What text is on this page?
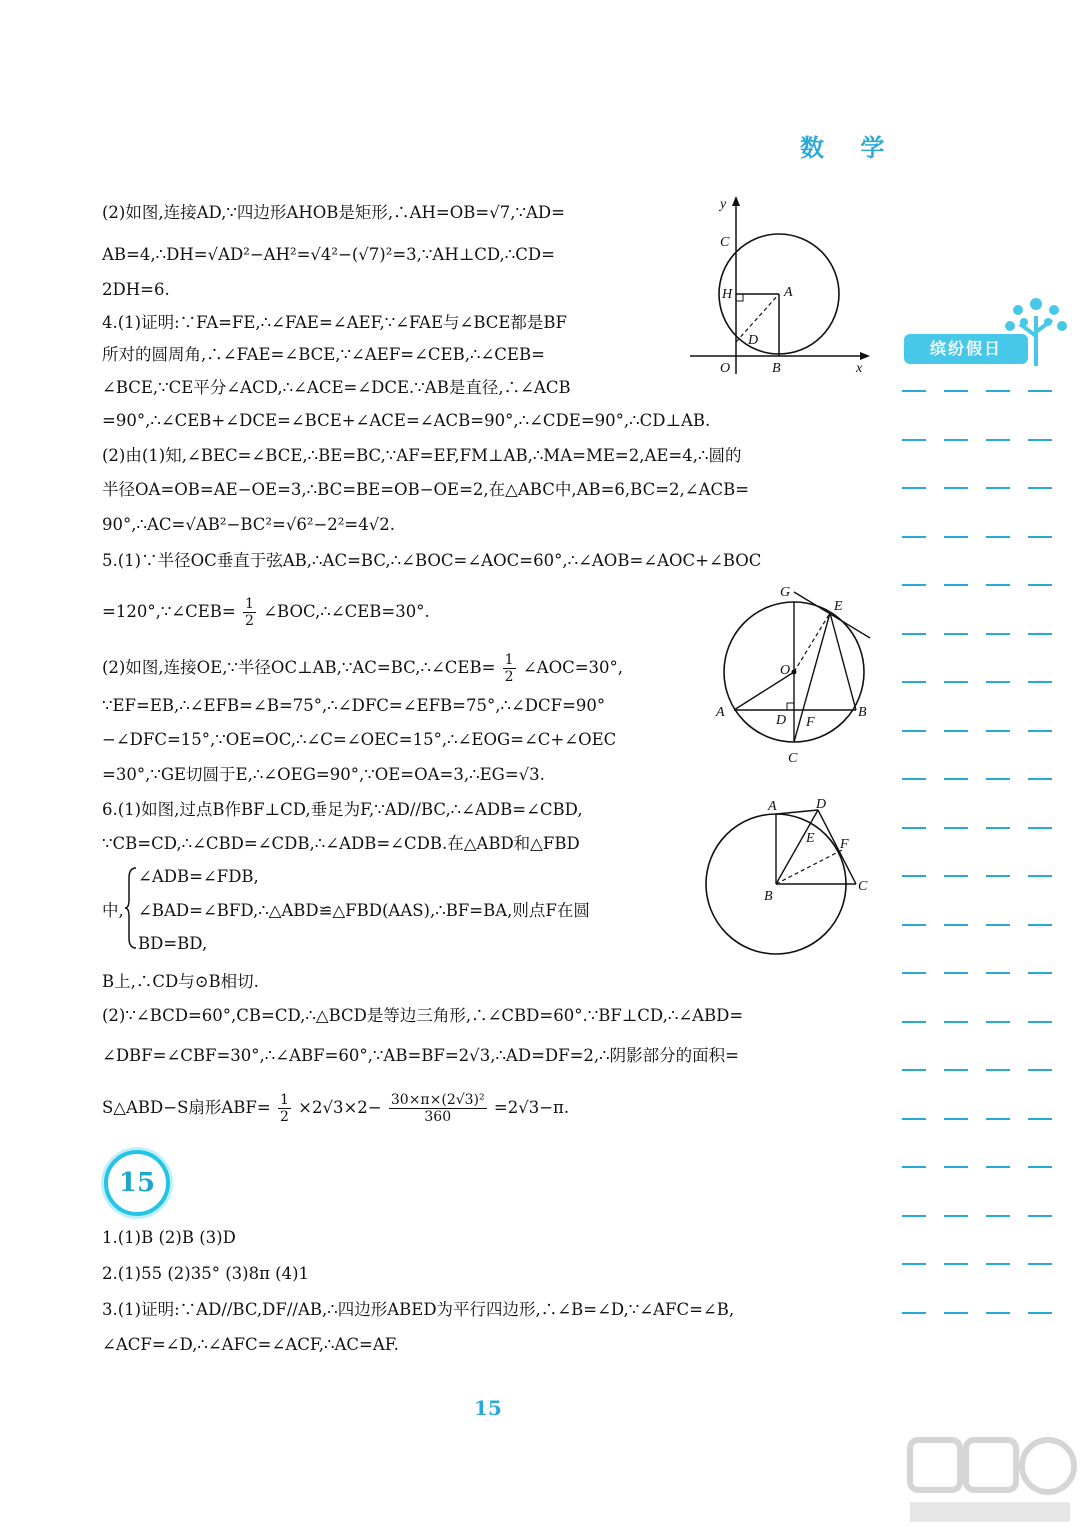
数 学
(2)如图,连接AD,∵四边形AHOB是矩形,∴AH=OB=√7,∵AD=
AB=4,∴DH=√AD²−AH²=√4²−(√7)²=3,∵AH⊥CD,∴CD=
2DH=6.
4.(1)证明:∵FA=FE,∴∠FAE=∠AEF,∵∠FAE与∠BCE都是BF
所对的圆周角,∴∠FAE=∠BCE,∵∠AEF=∠CEB,∴∠CEB=
∠BCE,∵CE平分∠ACD,∴∠ACE=∠DCE.∵AB是直径,∴∠ACB
=90°,∴∠CEB+∠DCE=∠BCE+∠ACE=∠ACB=90°,∴∠CDE=90°,∴CD⊥AB.
(2)由(1)知,∠BEC=∠BCE,∴BE=BC,∵AF=EF,FM⊥AB,∴MA=ME=2,AE=4,∴圆的
半径OA=OB=AE−OE=3,∴BC=BE=OB−OE=2,在△ABC中,AB=6,BC=2,∠ACB=
90°,∴AC=√AB²−BC²=√6²−2²=4√2.
5.(1)∵半径OC垂直于弦AB,∴AC=BC,∴∠BOC=∠AOC=60°,∴∠AOB=∠AOC+∠BOC
=120°,∵∠CEB= $\frac{1}{2}$ ∠BOC,∴∠CEB=30°.
(2)如图,连接OE,∵半径OC⊥AB,∵AC=BC,∴∠CEB= $\frac{1}{2}$ ∠AOC=30°,
∵EF=EB,∴∠EFB=∠B=75°,∴∠DFC=∠EFB=75°,∴∠DCF=90°
−∠DFC=15°,∵OE=OC,∴∠C=∠OEC=15°,∴∠EOG=∠C+∠OEC
=30°,∵GE切圆于E,∴∠OEG=90°,∵OE=OA=3,∴EG=√3.
6.(1)如图,过点B作BF⊥CD,垂足为F,∵AD//BC,∴∠ADB=∠CBD,
∵CB=CD,∴∠CBD=∠CDB,∴∠ADB=∠CDB.在△ABD和△FBD
∠ADB=∠FDB,
中, ∠BAD=∠BFD,∴△ABD≌△FBD(AAS),∴BF=BA,则点F在圆
BD=BD,
B上,∴CD与⊙B相切.
(2)∵∠BCD=60°,CB=CD,∴△BCD是等边三角形,∴∠CBD=60°.∵BF⊥CD,∴∠ABD=
∠DBF=∠CBF=30°,∴∠ABF=60°,∵AB=BF=2√3,∴AD=DF=2,∴阴影部分的面积=
S△ABD−S扇形$ABF= \frac{1}{2} \times 2√3\times 2- \frac{\text{30×π×(2√3)²}}{360} =2√3-\pi$.
15
1.(1)B (2)B (3)D
2.(1)55 (2)35° (3)8π (4)1
3.(1)证明:∵AD//BC,DF//AB,∴四边形ABED为平行四边形,∴∠B=∠D,∵∠AFC=∠B,
∠ACF=∠D,∴∠AFC=∠ACF,∴AC=AF.
15
y
C
H	A
D
O	B	x
G
E
O
A
D F
B
C
A	D
E F
B
C
缤纷假日
